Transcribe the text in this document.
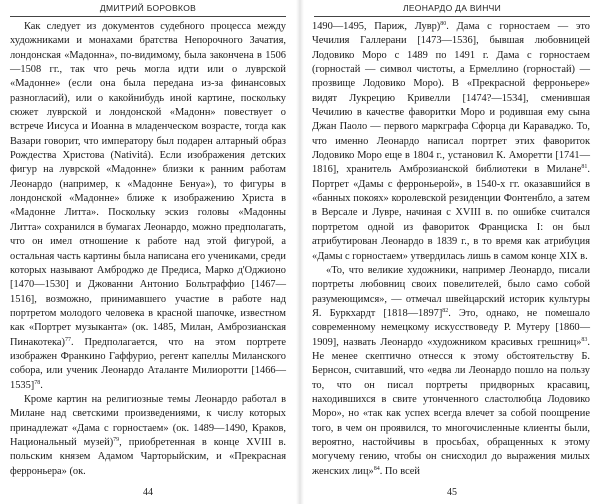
ДМИТРИЙ БОРОВКОВ

Как следует из документов судебного процесса между художниками и монахами братства Непорочного Зачатия, лондонская «Мадонна», по-видимому, была закончена в 1506—1508 гг., так что речь могла идти или о луврской «Мадонне» (если она была передана из-за финансовых разногласий), или о какойнибудь иной картине, поскольку сюжет луврской и лондонской «Мадонн» повествует о встрече Иисуса и Иоанна в младенческом возрасте, тогда как Вазари говорит, что императору был подарен алтарный образ Рождества Христова (Nativitá). Если изображения детских фигур на луврской «Мадонне» близки к ранним работам Леонардо (например, к «Мадонне Бенуа»), то фигуры в лондонской «Мадонне» ближе к изображению Христа в «Мадонне Литта». Поскольку эскиз головы «Мадонны Литта» сохранился в бумагах Леонардо, можно предполагать, что он имел отношение к работе над этой фигурой, а остальная часть картины была написана его учениками, среди которых называют Амброджо де Предиса, Марко д'Оджионо [1470—1530] и Джованни Антонио Больтраффио [1467—1516], возможно, принимавшего участие в работе над портретом молодого человека в красной шапочке, известном как «Портрет музыканта» (ок. 1485, Милан, Амброзианская Пинакотека)$^{77}$. Предполагается, что на этом портрете изображен Франкино Гаффурио, регент капеллы Миланского собора, или ученик Леонардо Аталанте Милиоротти [1466—1535]$^{78}$.

Кроме картин на религиозные темы Леонардо работал в Милане над светскими произведениями, к числу которых принадлежат «Дама с горностаем» (ок. 1489—1490, Краков, Национальный музей)$^{79}$, приобретенная в конце XVIII в. польским князем Адамом Чарторыйским, и «Прекрасная ферроньера» (ок.

44
ЛЕОНАРДО ДА ВИНЧИ

1490—1495, Париж, Лувр)$^{80}$. Дама с горностаем — это Чечилия Галлерани [1473—1536], бывшая любовницей Лодовико Моро с 1489 по 1491 г. Дама с горностаем (горностай — символ чистоты, а Ермеллино (горностай) — прозвище Лодовико Моро). В «Прекрасной ферроньере» видят Лукрецию Кривелли [1474?—1534], сменившая Чечилию в качестве фаворитки Моро и родившая ему сына Джан Паоло — первого маркграфа Сфорца ди Караваджо. То, что именно Леонардо написал портрет этих фавориток Лодовико Моро еще в 1804 г., установил К. Аморетти [1741—1816], хранитель Амброзианской библиотеки в Милане$^{81}$. Портрет «Дамы с ферроньерой», в 1540-х гг. оказавшийся в «банных покоях» королевской резиденции Фонтенбло, а затем в Версале и Лувре, начиная с XVIII в. по ошибке считался портретом одной из фавориток Франциска I: он был атрибутирован Леонардо в 1839 г., в то время как атрибуция «Дамы с горностаем» утвердилась лишь в самом конце XIX в.

«То, что великие художники, например Леонардо, писали портреты любовниц своих повелителей, было само собой разумеющимся», — отмечал швейцарский историк культуры Я. Буркхардт [1818—1897]$^{82}$. Это, однако, не помешало современному немецкому искусствоведу Р. Мутеру [1860—1909], назвать Леонардо «художником красивых грешниц»$^{83}$. Не менее скептично отнесся к этому обстоятельству Б. Бернсон, считавший, что «едва ли Леонардо пошло на пользу то, что он писал портреты придворных красавиц, находившихся в свите утонченного сластолюбца Лодовико Моро», но «так как успех всегда влечет за собой поощрение того, в чем он проявился, то многочисленные клиенты были, вероятно, настойчивы в просьбах, обращенных к этому могучему гению, чтобы он снисходил до выражения милых женских лиц»$^{84}$. По всей

45
